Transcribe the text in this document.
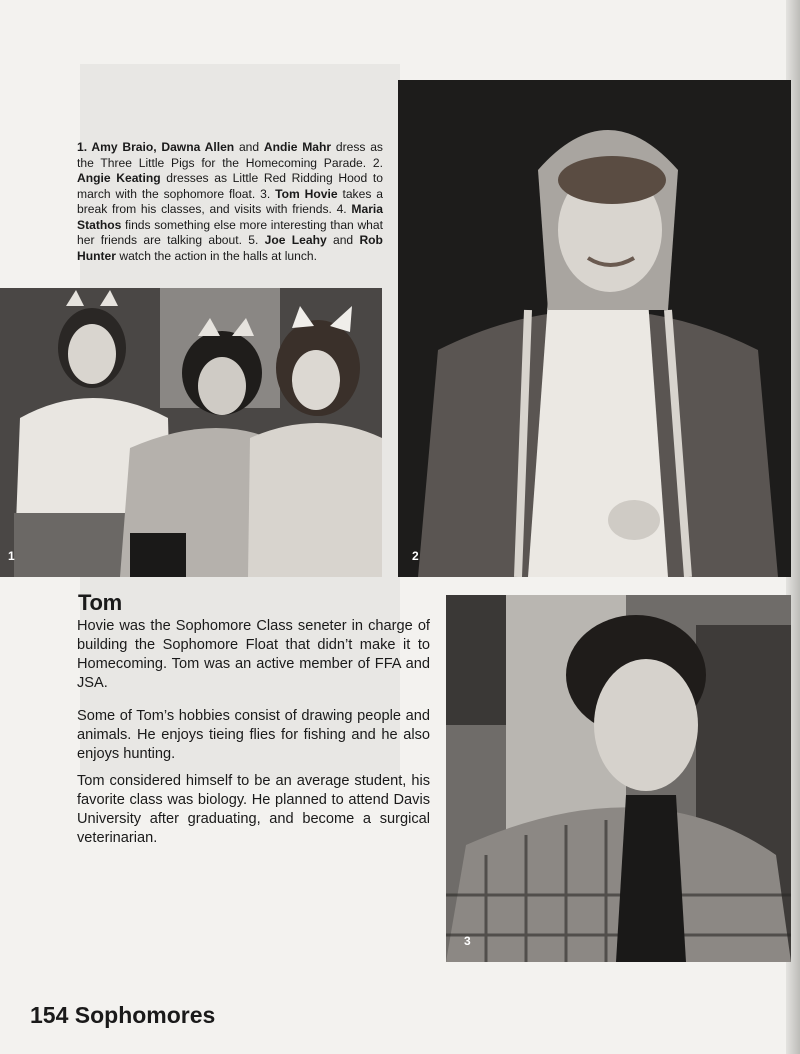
1. Amy Braio, Dawna Allen and Andie Mahr dress as the Three Little Pigs for the Homecoming Parade. 2. Angie Keating dresses as Little Red Ridding Hood to march with the sophomore float. 3. Tom Hovie takes a break from his classes, and visits with friends. 4. Maria Stathos finds something else more interesting than what her friends are talking about. 5. Joe Leahy and Rob Hunter watch the action in the halls at lunch.
1	2
3
Tom

Hovie was the Sophomore Class seneter in charge of building the Sophomore Float that didn’t make it to Homecoming. Tom was an active member of FFA and JSA.

Some of Tom’s hobbies consist of drawing people and animals. He enjoys tieing flies for fishing and he also enjoys hunting.

Tom considered himself to be an average student, his favorite class was biology. He planned to attend Davis University after graduating, and become a surgical veterinarian.

154 Sophomores
